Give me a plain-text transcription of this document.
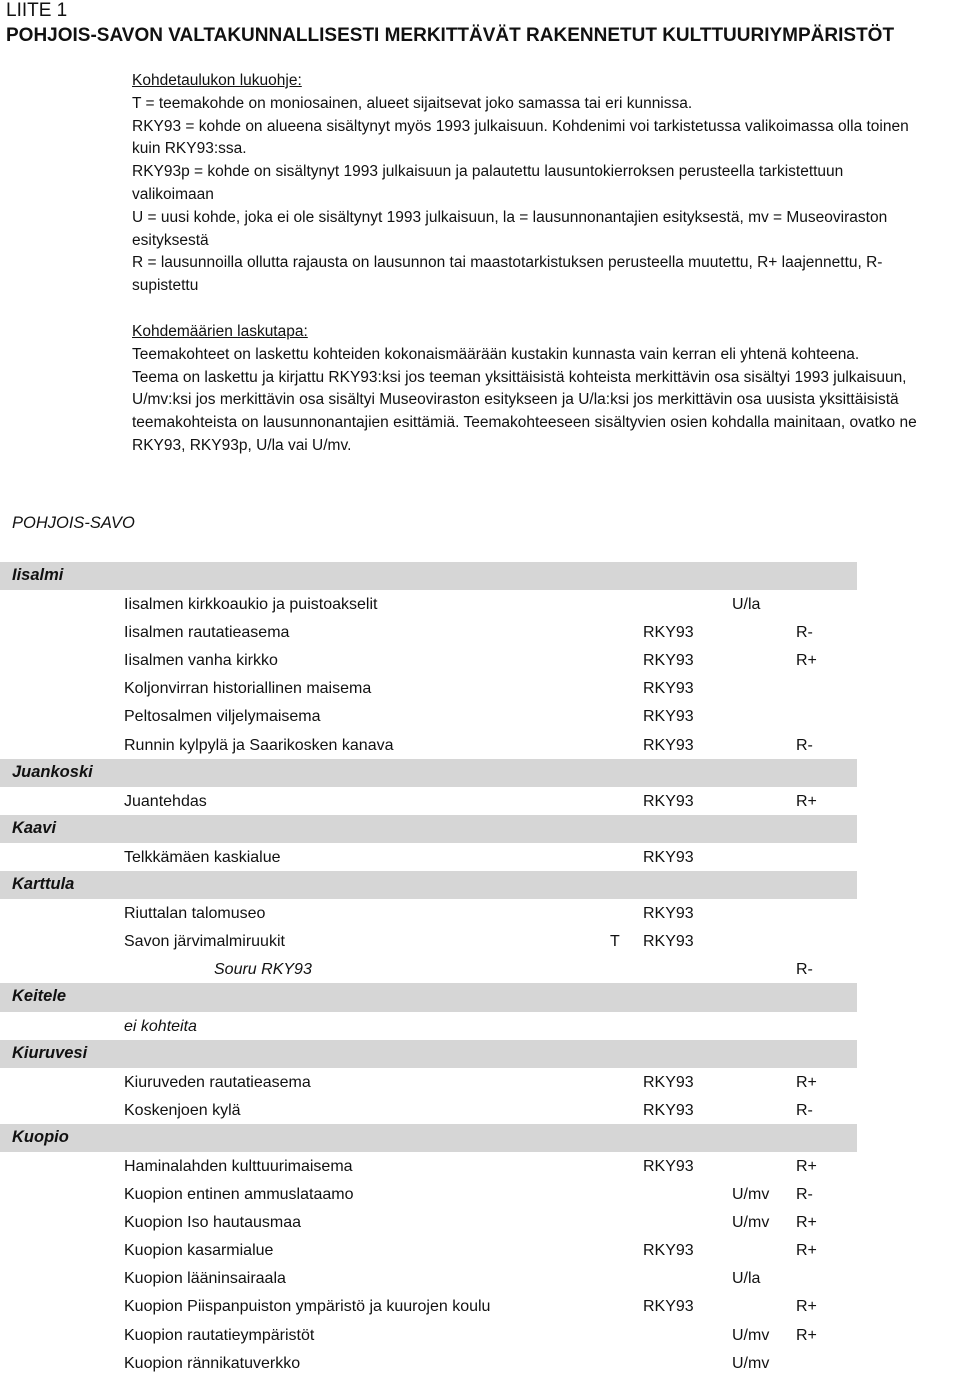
LIITE 1
POHJOIS-SAVON VALTAKUNNALLISESTI MERKITTÄVÄT RAKENNETUT KULTTUURIYMPÄRISTÖT

Kohdetaulukon lukuohje:

T = teemakohde on moniosainen, alueet sijaitsevat joko samassa tai eri kunnissa.

RKY93 = kohde on alueena sisältynyt myös 1993 julkaisuun. Kohdenimi voi tarkistetussa valikoimassa olla toinen

kuin RKY93:ssa.

RKY93p = kohde on sisältynyt 1993 julkaisuun ja palautettu lausuntokierroksen perusteella tarkistettuun

valikoimaan

U = uusi kohde, joka ei ole sisältynyt 1993 julkaisuun, la = lausunnonantajien esityksestä, mv = Museoviraston

esityksestä

R = lausunnoilla ollutta rajausta on lausunnon tai maastotarkistuksen perusteella muutettu, R+ laajennettu, R-

supistettu

Kohdemäärien laskutapa:

Teemakohteet on laskettu kohteiden kokonaismäärään kustakin kunnasta vain kerran eli yhtenä kohteena.

Teema on laskettu ja kirjattu RKY93:ksi jos teeman yksittäisistä kohteista merkittävin osa sisältyi 1993 julkaisuun,

U/mv:ksi jos merkittävin osa sisältyi Museoviraston esitykseen ja U/la:ksi jos merkittävin osa uusista yksittäisistä

teemakohteista on lausunnonantajien esittämiä. Teemakohteeseen sisältyvien osien kohdalla mainitaan, ovatko ne

RKY93, RKY93p, U/la vai U/mv.

POHJOIS-SAVO
Iisalmi
Iisalmen kirkkoaukio ja puistoakselit	U/la
Iisalmen rautatieasema	RKY93	R-
Iisalmen vanha kirkko	RKY93	R+
Koljonvirran historiallinen maisema	RKY93
Peltosalmen viljelymaisema	RKY93
Runnin kylpylä ja Saarikosken kanava	RKY93	R-
Juankoski
Juantehdas	RKY93	R+
Kaavi
Telkkämäen kaskialue	RKY93
Karttula
Riuttalan talomuseo	RKY93
Savon järvimalmiruukit	T RKY93
Souru RKY93	R-
Keitele
ei kohteita
Kiuruvesi
Kiuruveden rautatieasema	RKY93	R+
Koskenjoen kylä	RKY93	R-
Kuopio
Haminalahden kulttuurimaisema	RKY93	R+
Kuopion entinen ammuslataamo	U/mv R-
Kuopion Iso hautausmaa	U/mv R+
Kuopion kasarmialue	RKY93	R+
Kuopion lääninsairaala	U/la
Kuopion Piispanpuiston ympäristö ja kuurojen koulu	RKY93	R+
Kuopion rautatieympäristöt	U/mv R+
Kuopion rännikatuverkko	U/mv
